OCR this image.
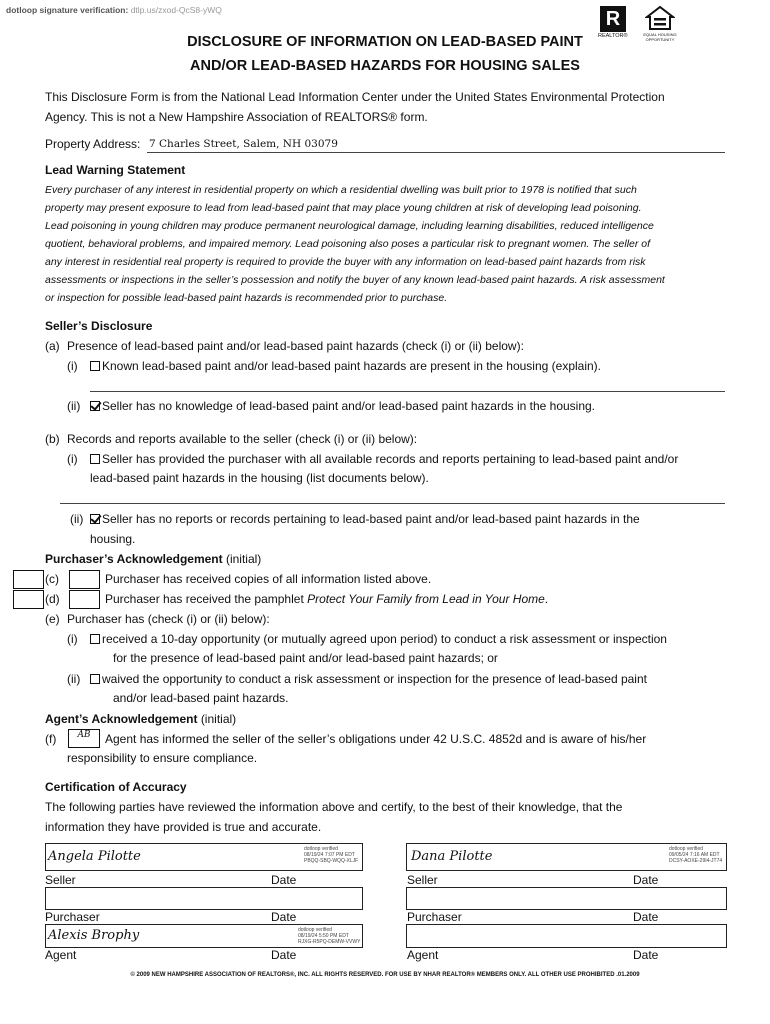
dotloop signature verification: dtlp.us/zxod-QcS8-yWQ	R
REALTOR®	EQUAL HOUSING OPPORTUNITY
DISCLOSURE OF INFORMATION ON LEAD-BASED PAINT
AND/OR LEAD-BASED HAZARDS FOR HOUSING SALES
This Disclosure Form is from the National Lead Information Center under the United States Environmental Protection
Agency. This is not a New Hampshire Association of REALTORS® form.
Property Address: 7 Charles Street, Salem, NH 03079
Lead Warning Statement
Every purchaser of any interest in residential property on which a residential dwelling was built prior to 1978 is notified that such
property may present exposure to lead from lead-based paint that may place young children at risk of developing lead poisoning.
Lead poisoning in young children may produce permanent neurological damage, including learning disabilities, reduced intelligence
quotient, behavioral problems, and impaired memory. Lead poisoning also poses a particular risk to pregnant women. The seller of
any interest in residential real property is required to provide the buyer with any information on lead-based paint hazards from risk
assessments or inspections in the seller’s possession and notify the buyer of any known lead-based paint hazards. A risk assessment
or inspection for possible lead-based paint hazards is recommended prior to purchase.
Seller’s Disclosure
(a) Presence of lead-based paint and/or lead-based paint hazards (check (i) or (ii) below):
(i)	Known lead-based paint and/or lead-based paint hazards are present in the housing (explain).
(ii)	Seller has no knowledge of lead-based paint and/or lead-based paint hazards in the housing.
(b) Records and reports available to the seller (check (i) or (ii) below):
(i)	Seller has provided the purchaser with all available records and reports pertaining to lead-based paint and/or
lead-based paint hazards in the housing (list documents below).
(ii)	Seller has no reports or records pertaining to lead-based paint and/or lead-based paint hazards in the
housing.
Purchaser’s Acknowledgement (initial)
(c)	Purchaser has received copies of all information listed above.
(d)	Purchaser has received the pamphlet Protect Your Family from Lead in Your Home.
(e) Purchaser has (check (i) or (ii) below):
(i)	received a 10-day opportunity (or mutually agreed upon period) to conduct a risk assessment or inspection
for the presence of lead-based paint and/or lead-based paint hazards; or
(ii)	waived the opportunity to conduct a risk assessment or inspection for the presence of lead-based paint
and/or lead-based paint hazards.
Agent’s Acknowledgement (initial)
(f)	AB	Agent has informed the seller of the seller’s obligations under 42 U.S.C. 4852d and is aware of his/her
responsibility to ensure compliance.
Certification of Accuracy
The following parties have reviewed the information above and certify, to the best of their knowledge, that the
information they have provided is true and accurate.
Angela Pilotte	dotloop verified
08/19/24 7:07 PM EDT
PBQQ-SBQ-WQQ-XLJF	Dana Pilotte	dotloop verified
09/05/24 7:16 AM EDT
DCSY-AOXE-29I4-JT74
Seller	Date	Seller	Date
Purchaser	Date	Purchaser	Date
Alexis Brophy	dotloop verified
08/19/24 5:50 PM EDT
RJXG-R5PQ-DEMW-VVWY
Agent	Date	Agent	Date
© 2009 NEW HAMPSHIRE ASSOCIATION OF REALTORS®, INC. ALL RIGHTS RESERVED. FOR USE BY NHAR REALTOR® MEMBERS ONLY. ALL OTHER USE PROHIBITED .01.2009
